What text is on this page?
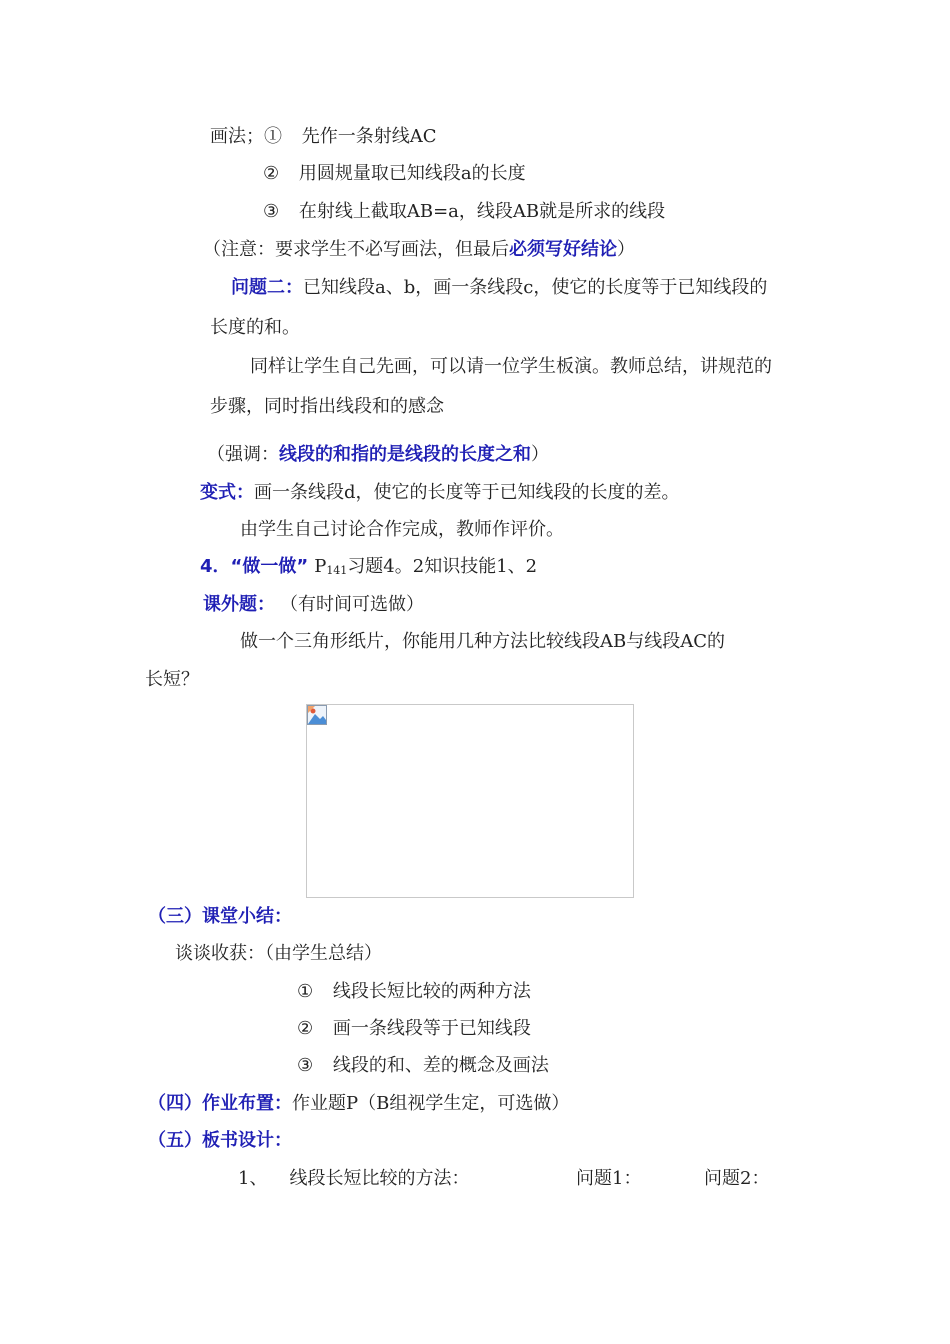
画法；① 先作一条射线AC
② 用圆规量取已知线段a的长度
③ 在射线上截取AB=a，线段AB就是所求的线段
（注意：要求学生不必写画法，但最后必须写好结论）
问题二：已知线段a、b，画一条线段c，使它的长度等于已知线段的
长度的和。
同样让学生自己先画，可以请一位学生板演。教师总结，讲规范的
步骤，同时指出线段和的感念
（强调：线段的和指的是线段的长度之和）
变式：画一条线段d，使它的长度等于已知线段的长度的差。
由学生自己讨论合作完成，教师作评价。
4．“做一做” P141习题4。2知识技能1、2
课外题： （有时间可选做）
做一个三角形纸片，你能用几种方法比较线段AB与线段AC的
长短？
（三）课堂小结：
谈谈收获：（由学生总结）
① 线段长短比较的两种方法
② 画一条线段等于已知线段
③ 线段的和、差的概念及画法
（四）作业布置：作业题P（B组视学生定，可选做）
（五）板书设计：
1、 线段长短比较的方法：	问题1：	问题2：
